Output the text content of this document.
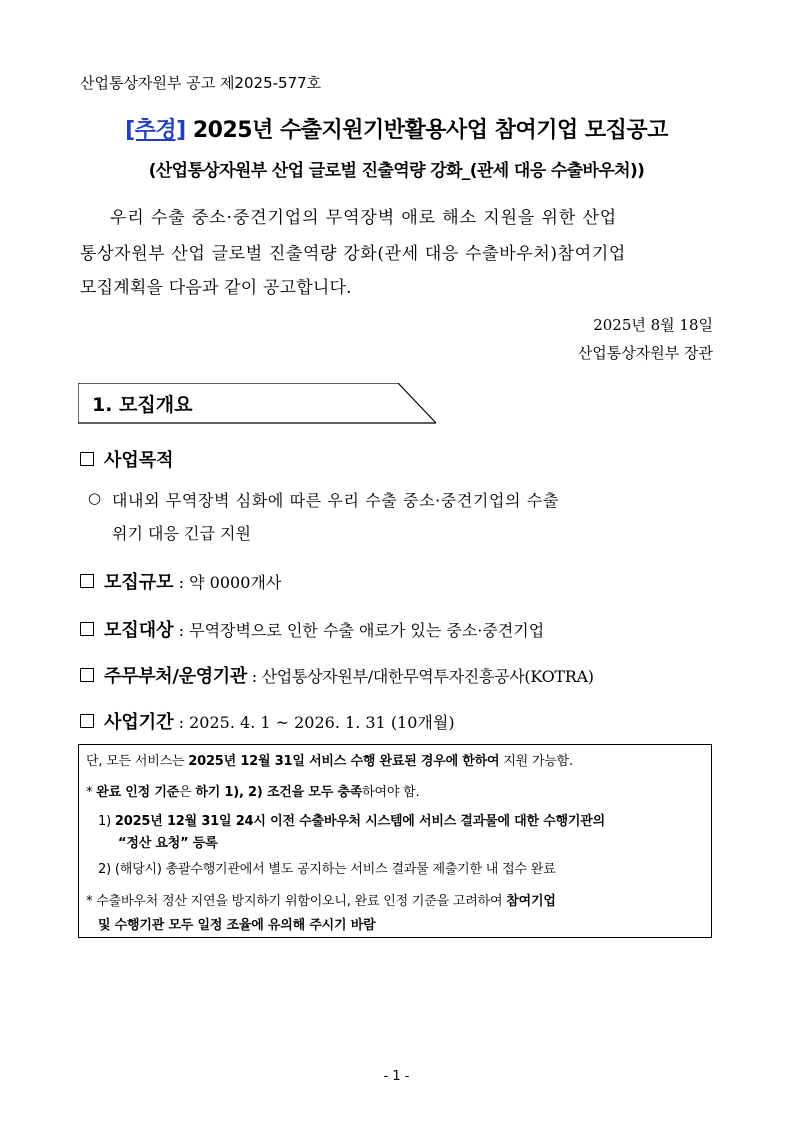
산업통상자원부 공고 제2025-577호
[추경] 2025년 수출지원기반활용사업 참여기업 모집공고
(산업통상자원부 산업 글로벌 진출역량 강화_(관세 대응 수출바우처))
우리 수출 중소·중견기업의 무역장벽 애로 해소 지원을 위한 산업
통상자원부 산업 글로벌 진출역량 강화(관세 대응 수출바우처)참여기업
모집계획을 다음과 같이 공고합니다.
2025년 8월 18일
산업통상자원부 장관
1. 모집개요
사업목적
○ 대내외 무역장벽 심화에 따른 우리 수출 중소·중견기업의 수출
위기 대응 긴급 지원
모집규모 : 약 0000개사
모집대상 : 무역장벽으로 인한 수출 애로가 있는 중소·중견기업
주무부처/운영기관 : 산업통상자원부/대한무역투자진흥공사(KOTRA)
사업기간 : 2025. 4. 1 ~ 2026. 1. 31 (10개월)
단, 모든 서비스는 2025년 12월 31일 서비스 수행 완료된 경우에 한하여 지원 가능함.
* 완료 인정 기준은 하기 1), 2) 조건을 모두 충족하여야 함.
1) 2025년 12월 31일 24시 이전 수출바우처 시스템에 서비스 결과물에 대한 수행기관의
“정산 요청” 등록
2) (해당시) 총괄수행기관에서 별도 공지하는 서비스 결과물 제출기한 내 접수 완료
* 수출바우처 정산 지연을 방지하기 위함이오니, 완료 인정 기준을 고려하여 참여기업
및 수행기관 모두 일정 조율에 유의해 주시기 바람
- 1 -
